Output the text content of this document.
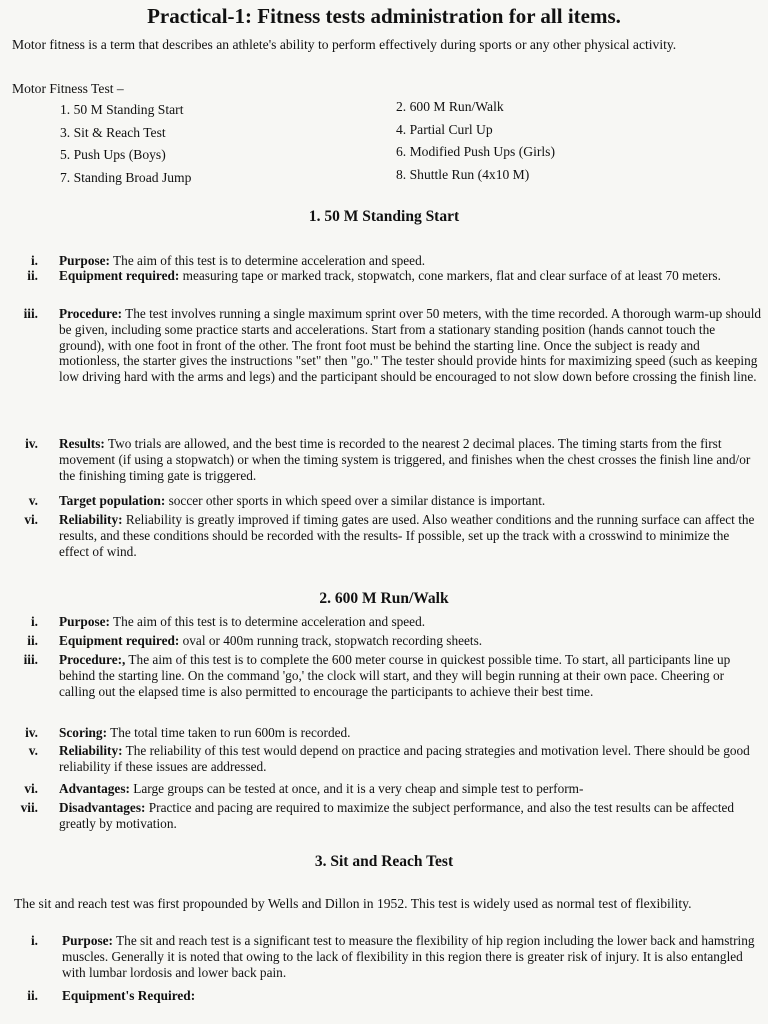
Practical-1: Fitness tests administration for all items.
Motor fitness is a term that describes an athlete's ability to perform effectively during sports or any other physical activity.
Motor Fitness Test –
1. 50 M Standing Start
3. Sit & Reach Test
5. Push Ups (Boys)
7. Standing Broad Jump
2. 600 M Run/Walk
4. Partial Curl Up
6. Modified Push Ups (Girls)
8. Shuttle Run (4x10 M)
1. 50 M Standing Start
i. Purpose: The aim of this test is to determine acceleration and speed.
ii. Equipment required: measuring tape or marked track, stopwatch, cone markers, flat and clear surface of at least 70 meters.
iii. Procedure: The test involves running a single maximum sprint over 50 meters, with the time recorded. A thorough warm-up should be given, including some practice starts and accelerations. Start from a stationary standing position (hands cannot touch the ground), with one foot in front of the other. The front foot must be behind the starting line. Once the subject is ready and motionless, the starter gives the instructions "set" then "go." The tester should provide hints for maximizing speed (such as keeping low driving hard with the arms and legs) and the participant should be encouraged to not slow down before crossing the finish line.
iv. Results: Two trials are allowed, and the best time is recorded to the nearest 2 decimal places. The timing starts from the first movement (if using a stopwatch) or when the timing system is triggered, and finishes when the chest crosses the finish line and/or the finishing timing gate is triggered.
v. Target population: soccer other sports in which speed over a similar distance is important.
vi. Reliability: Reliability is greatly improved if timing gates are used. Also weather conditions and the running surface can affect the results, and these conditions should be recorded with the results- If possible, set up the track with a crosswind to minimize the effect of wind.
2. 600 M Run/Walk
i. Purpose: The aim of this test is to determine acceleration and speed.
ii. Equipment required: oval or 400m running track, stopwatch recording sheets.
iii. Procedure:, The aim of this test is to complete the 600 meter course in quickest possible time. To start, all participants line up behind the starting line. On the command 'go,' the clock will start, and they will begin running at their own pace. Cheering or calling out the elapsed time is also permitted to encourage the participants to achieve their best time.
iv. Scoring: The total time taken to run 600m is recorded.
v. Reliability: The reliability of this test would depend on practice and pacing strategies and motivation level. There should be good reliability if these issues are addressed.
vi. Advantages: Large groups can be tested at once, and it is a very cheap and simple test to perform-
vii. Disadvantages: Practice and pacing are required to maximize the subject performance, and also the test results can be affected greatly by motivation.
3. Sit and Reach Test
The sit and reach test was first propounded by Wells and Dillon in 1952. This test is widely used as normal test of flexibility.
i. Purpose: The sit and reach test is a significant test to measure the flexibility of hip region including the lower back and hamstring muscles. Generally it is noted that owing to the lack of flexibility in this region there is greater risk of injury. It is also entangled with lumbar lordosis and lower back pain.
ii. Equipment's Required:
